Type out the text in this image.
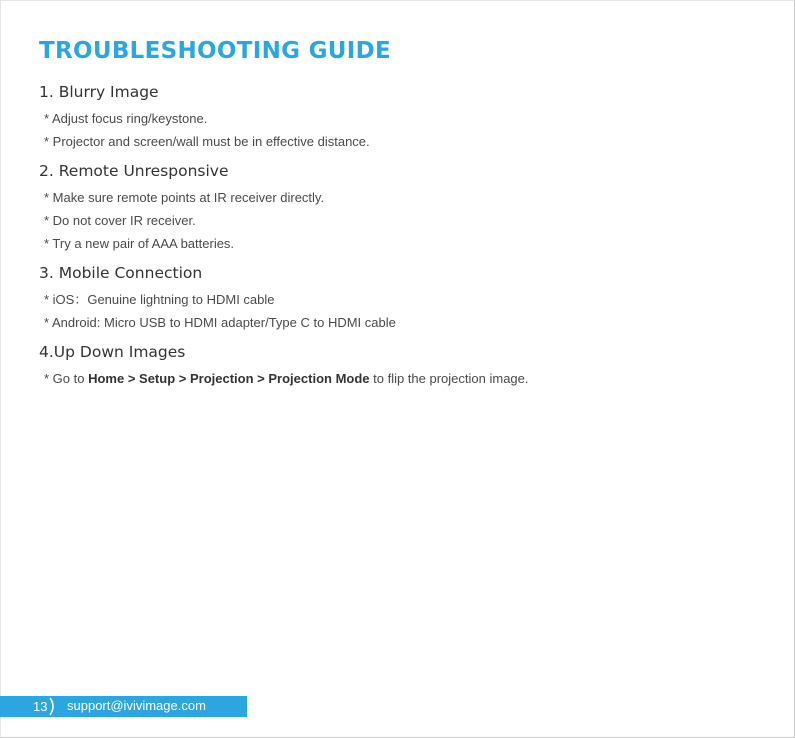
TROUBLESHOOTING GUIDE
1. Blurry Image
* Adjust focus ring/keystone.
* Projector and screen/wall must be in effective distance.
2. Remote Unresponsive
* Make sure remote points at IR receiver directly.
* Do not cover IR receiver.
* Try a new pair of AAA batteries.
3. Mobile Connection
* iOS：Genuine lightning to HDMI cable
* Android: Micro USB to HDMI adapter/Type C to HDMI cable
4.Up Down Images
* Go to Home > Setup > Projection > Projection Mode to flip the projection image.
13 support@ivivimage.com
